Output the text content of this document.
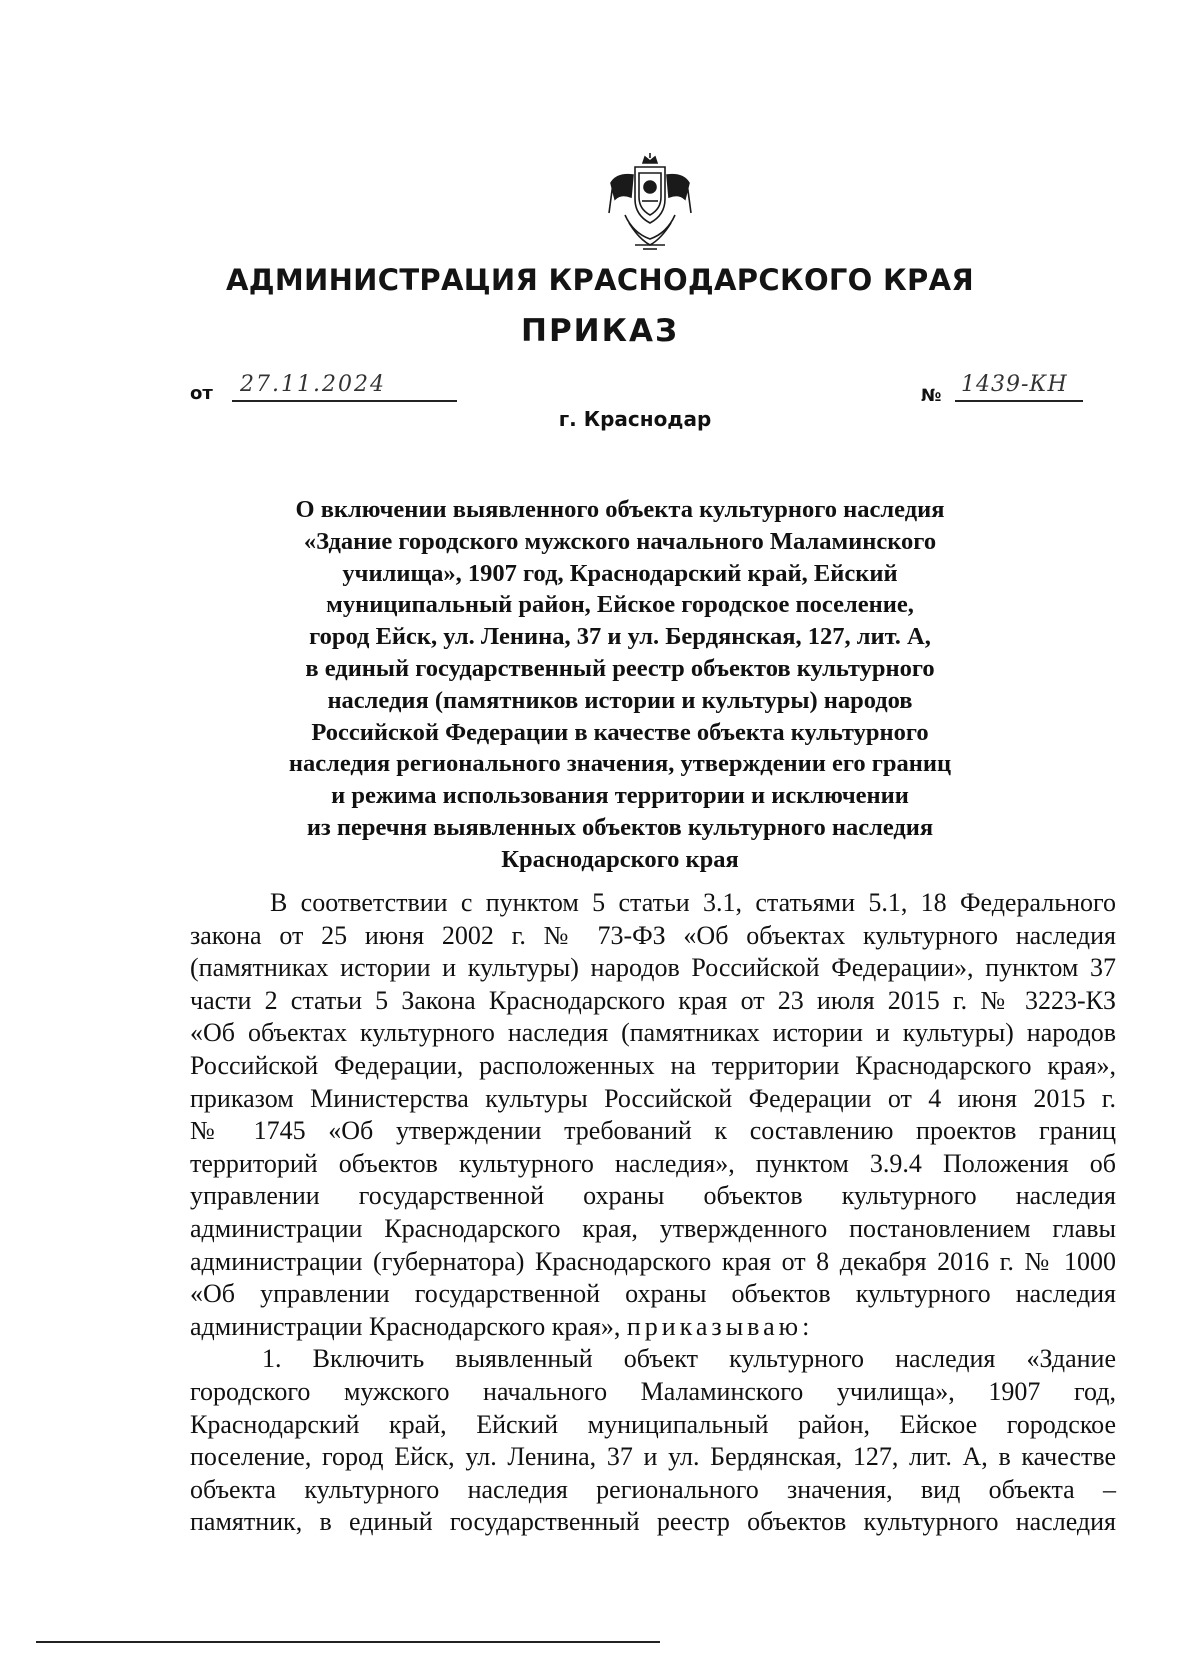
АДМИНИСТРАЦИЯ КРАСНОДАРСКОГО КРАЯ
ПРИКАЗ
от	27.11.2024	№ 1439-КН
г. Краснодар
О включении выявленного объекта культурного наследия
«Здание городского мужского начального Маламинского
училища», 1907 год, Краснодарский край, Ейский
муниципальный район, Ейское городское поселение,
город Ейск, ул. Ленина, 37 и ул. Бердянская, 127, лит. А,
в единый государственный реестр объектов культурного
наследия (памятников истории и культуры) народов
Российской Федерации в качестве объекта культурного
наследия регионального значения, утверждении его границ
и режима использования территории и исключении
из перечня выявленных объектов культурного наследия
Краснодарского края
В соответствии с пунктом 5 статьи 3.1, статьями 5.1, 18 Федерального
закона от 25 июня 2002 г. № 73-ФЗ «Об объектах культурного наследия
(памятниках истории и культуры) народов Российской Федерации», пунктом 37
части 2 статьи 5 Закона Краснодарского края от 23 июля 2015 г. № 3223-КЗ
«Об объектах культурного наследия (памятниках истории и культуры) народов
Российской Федерации, расположенных на территории Краснодарского края»,
приказом Министерства культуры Российской Федерации от 4 июня 2015 г.
№ 1745 «Об утверждении требований к составлению проектов границ
территорий объектов культурного наследия», пунктом 3.9.4 Положения об
управлении государственной охраны объектов культурного наследия
администрации Краснодарского края, утвержденного постановлением главы
администрации (губернатора) Краснодарского края от 8 декабря 2016 г. № 1000
«Об управлении государственной охраны объектов культурного наследия
администрации Краснодарского края», приказываю:
1. Включить выявленный объект культурного наследия «Здание
городского мужского начального Маламинского училища», 1907 год,
Краснодарский край, Ейский муниципальный район, Ейское городское
поселение, город Ейск, ул. Ленина, 37 и ул. Бердянская, 127, лит. А, в качестве
объекта культурного наследия регионального значения, вид объекта –
памятник, в единый государственный реестр объектов культурного наследия
